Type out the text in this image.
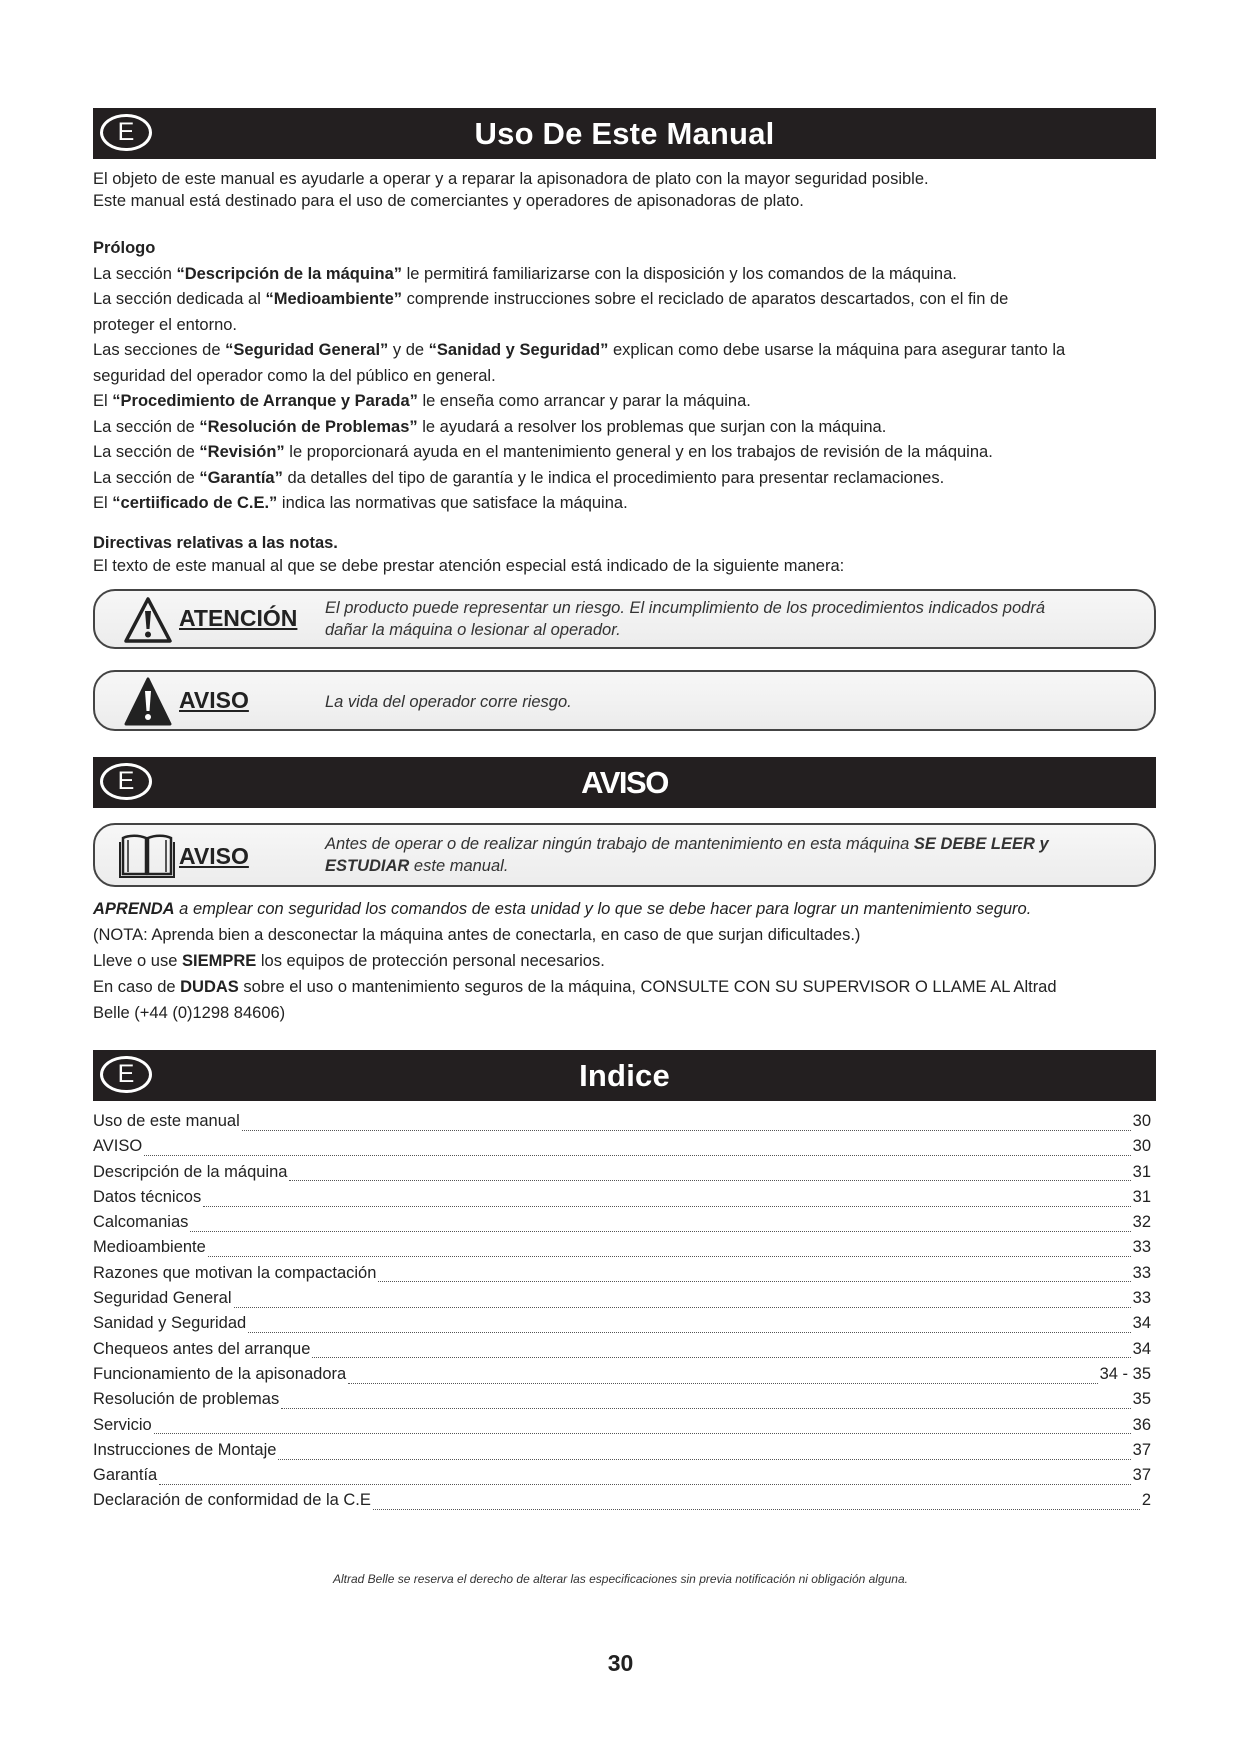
E	Uso De Este Manual

El objeto de este manual es ayudarle a operar y a reparar la apisonadora de plato con la mayor seguridad posible.

Este manual está destinado para el uso de comerciantes y operadores de apisonadoras de plato.

Prólogo

La sección “Descripción de la máquina” le permitirá familiarizarse con la disposición y los comandos de la máquina.

La sección dedicada al “Medioambiente” comprende instrucciones sobre el reciclado de aparatos descartados, con el fin de

proteger el entorno.

Las secciones de “Seguridad General” y de “Sanidad y Seguridad” explican como debe usarse la máquina para asegurar tanto la

seguridad del operador como la del público en general.

El “Procedimiento de Arranque y Parada” le enseña como arrancar y parar la máquina.

La sección de “Resolución de Problemas” le ayudará a resolver los problemas que surjan con la máquina.

La sección de “Revisión” le proporcionará ayuda en el mantenimiento general y en los trabajos de revisión de la máquina.

La sección de “Garantía” da detalles del tipo de garantía y le indica el procedimiento para presentar reclamaciones.

El “certiificado de C.E.” indica las normativas que satisface la máquina.

Directivas relativas a las notas.

El texto de este manual al que se debe prestar atención especial está indicado de la siguiente manera:

ATENCIÓN El producto puede representar un riesgo. El incumplimiento de los procedimientos indicados podrá
dañar la máquina o lesionar al operador.
AVISO	La vida del operador corre riesgo.
E	AVISO
AVISO	Antes de operar o de realizar ningún trabajo de mantenimiento en esta máquina SE DEBE LEER y
ESTUDIAR este manual.

APRENDA a emplear con seguridad los comandos de esta unidad y lo que se debe hacer para lograr un mantenimiento seguro.

(NOTA: Aprenda bien a desconectar la máquina antes de conectarla, en caso de que surjan dificultades.)

Lleve o use SIEMPRE los equipos de protección personal necesarios.

En caso de DUDAS sobre el uso o mantenimiento seguros de la máquina, CONSULTE CON SU SUPERVISOR O LLAME AL Altrad

Belle (+44 (0)1298 84606)

E	Indice
Uso de este manual	30
AVISO	30
Descripción de la máquina	31
Datos técnicos	31
Calcomanias	32
Medioambiente	33
Razones que motivan la compactación	33
Seguridad General	33
Sanidad y Seguridad	34
Chequeos antes del arranque	34
Funcionamiento de la apisonadora	34 - 35
Resolución de problemas	35
Servicio	36
Instrucciones de Montaje	37
Garantía	37
Declaración de conformidad de la C.E	2
Altrad Belle se reserva el derecho de alterar las especificaciones sin previa notificación ni obligación alguna.
30
